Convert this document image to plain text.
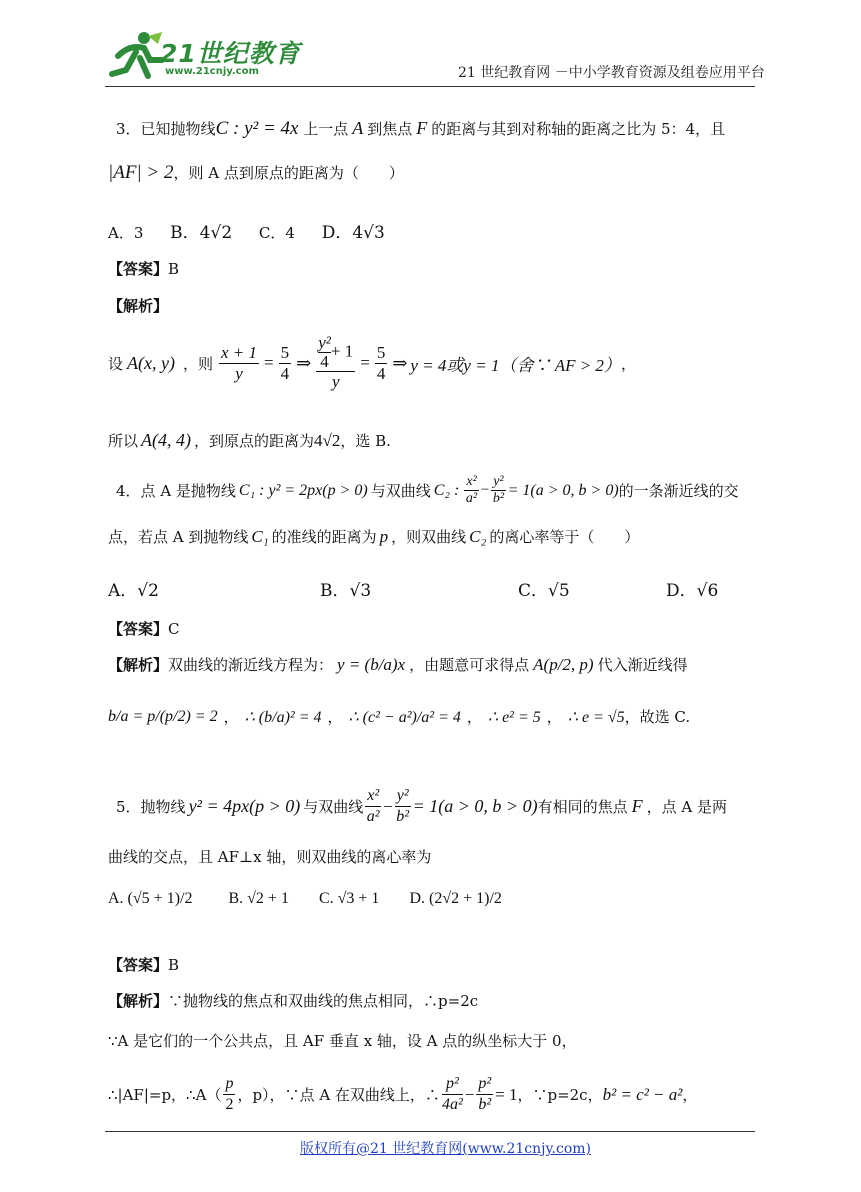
21世纪教育
www.21cnjy.com	21 世纪教育网 －中小学教育资源及组卷应用平台
3．已知抛物线C : y² = 4x 上一点 A 到焦点 F 的距离与其到对称轴的距离之比为 5：4，且
|AF| > 2，则 A 点到原点的距离为（　　）
A．3 B．4√2 C．4 D．4√3
【答案】B
【解析】
设 A(x, y) ，则 $\frac{x + 1}{y} = \frac{5}{4}$ ⇒ $\frac{\frac{\text{y²}}{4} + 1}{y} = \frac{5}{4}$ ⇒ y = 4或y = 1（舍∵ AF > 2） ，
所以 A(4, 4) ，到原点的距离为4√2，选 B.
4． 点 A 是抛物线 C₁ : y² = 2px(p > 0) 与双曲线 C₂ : $\frac{\text{x²}}{\text{a²}} - \frac{\text{y²}}{\text{b²}} = 1(a > 0$, b > 0) 的一条渐近线的交
点，若点 A 到抛物线 C₁ 的准线的距离为 p ，则双曲线 C₂ 的离心率等于（　　）
A．√2	B．√3	C．√5	D．√6
【答案】C
【解析】 双曲线的渐近线方程为： y = (b/a)x ，由题意可求得点 A(p/2, p) 代入渐近线得
b/a = p/(p/2) = 2 ， ∴ (b/a)² = 4 ， ∴ (c² − a²)/a² = 4 ， ∴ e² = 5 ， ∴ e = √5 ，故选 C.
5． 抛物线 y² = 4px(p > 0) 与双曲线 $\frac{\text{x²}}{\text{a²}} - \frac{\text{y²}}{\text{b²}} = 1(a > 0$, b > 0) 有相同的焦点 F ，点 A 是两
曲线的交点，且 AF⊥x 轴，则双曲线的离心率为
A. (√5 + 1)/2 B. √2 + 1 C. √3 + 1 D. (2√2 + 1)/2
【答案】B
【解析】∵抛物线的焦点和双曲线的焦点相同，∴p=2c
∵A 是它们的一个公共点，且 AF 垂直 x 轴，设 A 点的纵坐标大于 0，
∴|AF|=p，∴A（ $\frac{p}{2}$ ，p），∵点 A 在双曲线上，∴ $\frac{\text{p²}}{\text{4a²}} - \frac{\text{p²}}{\text{b²}} = 1$ ，∵p=2c， b² = c² − a² ，
版权所有@21 世纪教育网(www.21cnjy.com)
